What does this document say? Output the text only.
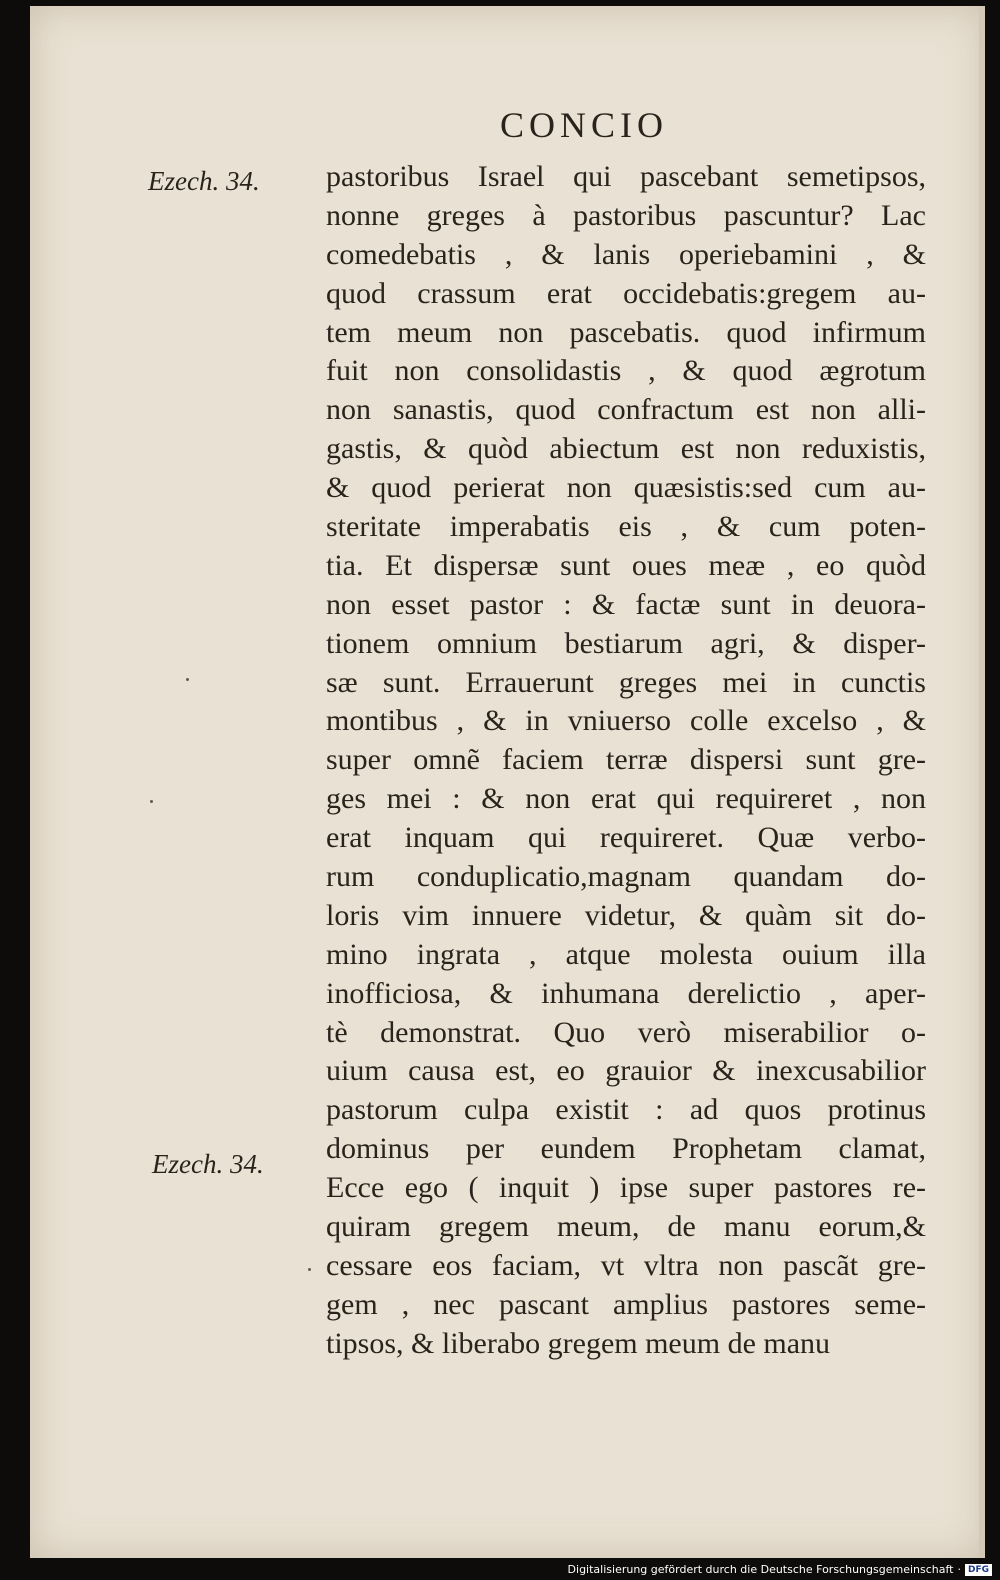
CONCIO
Ezech. 34.
Ezech. 34.
pastoribus Israel qui pascebant semetipsos,
nonne greges à pastoribus pascuntur? Lac
comedebatis , & lanis operiebamini , &
quod crassum erat occidebatis:gregem au-
tem meum non pascebatis. quod infirmum
fuit non consolidastis , & quod ægrotum
non sanastis, quod confractum est non alli-
gastis, & quòd abiectum est non reduxistis,
& quod perierat non quæsistis:sed cum au-
steritate imperabatis eis , & cum poten-
tia. Et dispersæ sunt oues meæ , eo quòd
non esset pastor : & factæ sunt in deuora-
tionem omnium bestiarum agri, & disper-
sæ sunt. Errauerunt greges mei in cunctis
montibus , & in vniuerso colle excelso , &
super omnẽ faciem terræ dispersi sunt gre-
ges mei : & non erat qui requireret , non
erat inquam qui requireret. Quæ verbo-
rum conduplicatio,magnam quandam do-
loris vim innuere videtur, & quàm sit do-
mino ingrata , atque molesta ouium illa
inofficiosa, & inhumana derelictio , aper-
tè demonstrat. Quo verò miserabilior o-
uium causa est, eo grauior & inexcusabilior
pastorum culpa existit : ad quos protinus
dominus per eundem Prophetam clamat,
Ecce ego ( inquit ) ipse super pastores re-
quiram gregem meum, de manu eorum,&
cessare eos faciam, vt vltra non pascãt gre-
gem , nec pascant amplius pastores seme-
tipsos, & liberabo gregem meum de manu
Digitalisierung gefördert durch die Deutsche Forschungsgemeinschaft · DFG
